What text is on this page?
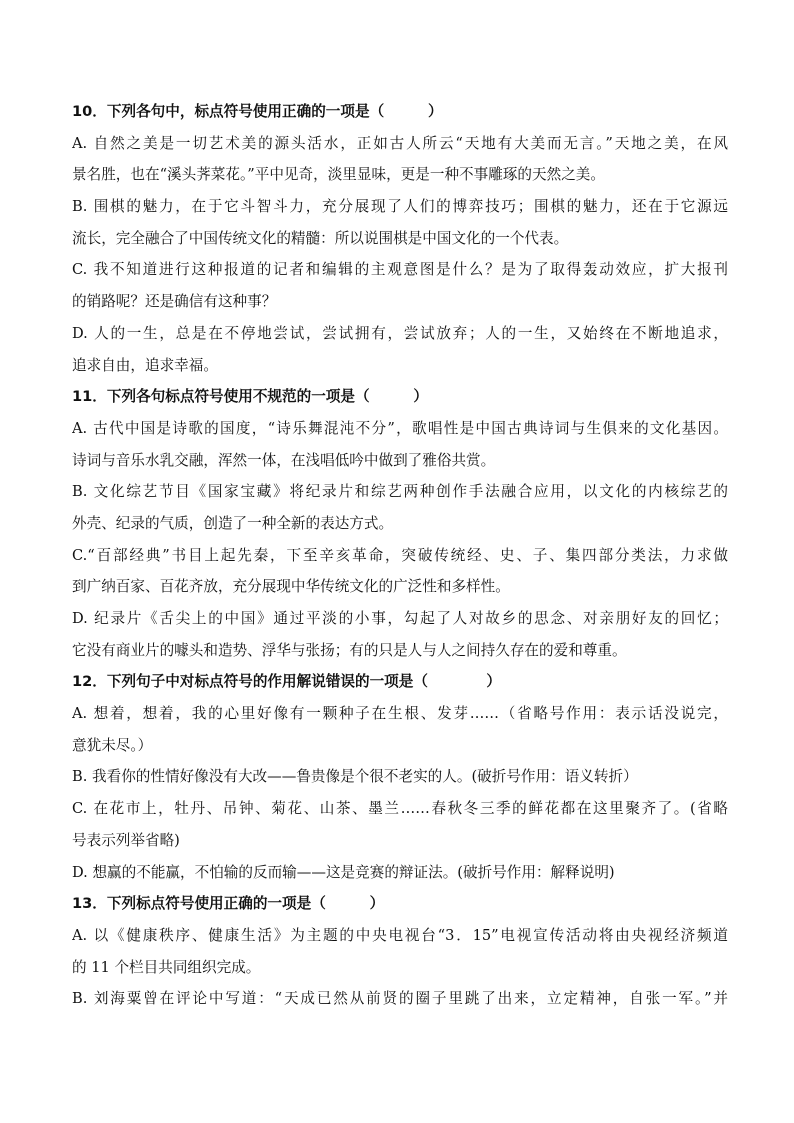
10．下列各句中，标点符号使用正确的一项是（　　　）
A. 自然之美是一切艺术美的源头活水，正如古人所云“天地有大美而无言。”天地之美，在风
景名胜，也在“溪头荠菜花。”平中见奇，淡里显味，更是一种不事雕琢的天然之美。
B. 围棋的魅力，在于它斗智斗力，充分展现了人们的博弈技巧；围棋的魅力，还在于它源远
流长，完全融合了中国传统文化的精髓：所以说围棋是中国文化的一个代表。
C. 我不知道进行这种报道的记者和编辑的主观意图是什么？是为了取得轰动效应，扩大报刊
的销路呢？还是确信有这种事？
D. 人的一生，总是在不停地尝试，尝试拥有，尝试放弃；人的一生，又始终在不断地追求，
追求自由，追求幸福。
11．下列各句标点符号使用不规范的一项是（　　　）
A. 古代中国是诗歌的国度，“诗乐舞混沌不分”，歌唱性是中国古典诗词与生俱来的文化基因。
诗词与音乐水乳交融，浑然一体，在浅唱低吟中做到了雅俗共赏。
B. 文化综艺节目《国家宝藏》将纪录片和综艺两种创作手法融合应用，以文化的内核综艺的
外壳、纪录的气质，创造了一种全新的表达方式。
C.“百部经典”书目上起先秦，下至辛亥革命，突破传统经、史、子、集四部分类法，力求做
到广纳百家、百花齐放，充分展现中华传统文化的广泛性和多样性。
D. 纪录片《舌尖上的中国》通过平淡的小事，勾起了人对故乡的思念、对亲朋好友的回忆；
它没有商业片的噱头和造势、浮华与张扬；有的只是人与人之间持久存在的爱和尊重。
12．下列句子中对标点符号的作用解说错误的一项是（　　　　）
A. 想着，想着，我的心里好像有一颗种子在生根、发芽……（省略号作用：表示话没说完，
意犹未尽。）
B. 我看你的性情好像没有大改——鲁贵像是个很不老实的人。(破折号作用：语义转折）
C. 在花市上，牡丹、吊钟、菊花、山茶、墨兰……春秋冬三季的鲜花都在这里聚齐了。(省略
号表示列举省略)
D. 想赢的不能赢，不怕输的反而输——这是竞赛的辩证法。(破折号作用：解释说明)
13．下列标点符号使用正确的一项是（　　　）
A. 以《健康秩序、健康生活》为主题的中央电视台“3．15”电视宣传活动将由央视经济频道
的 11 个栏目共同组织完成。
B. 刘海粟曾在评论中写道：“天成已然从前贤的圈子里跳了出来，立定精神，自张一军。”并
